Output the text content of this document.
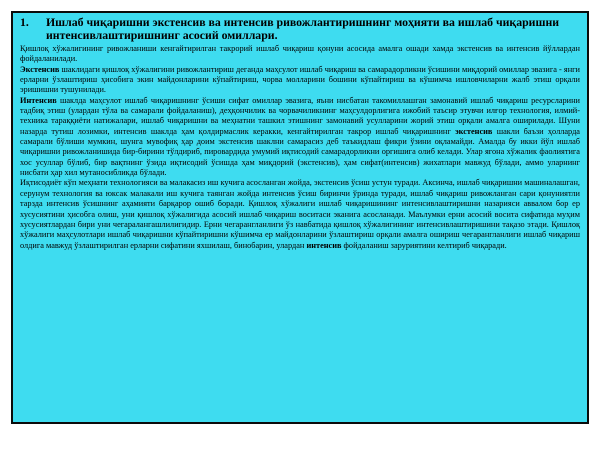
1.	Ишлаб чиқаришни экстенсив ва интенсив ривожлантиришнинг моҳияти ва ишлаб чиқаришни интенсивлаштиришнинг асосий омиллари.

Қишлоқ хўжалигининг ривожланиши кенгайтирилган такрорий ишлаб чиқариш қонуни асосида амалга ошади хамда экстенсив ва интенсив йўллардан фойдаланилади.

Экстенсив шаклидаги қишлоқ хўжалигини ривожлантириш деганда маҳсулот ишлаб чиқариш ва самарадорликни ўсишини миқдорий омиллар эвазига - янги ерларни ўзлаштириш ҳисобига экин майдонларини кўпайтириш, чорва молларини бошини кўпайтириш ва кўшимча ишловчиларни жалб этиш орқали эришишни тушунилади.

Интенсив шаклда маҳсулот ишлаб чиқаришнинг ўсиши сифат омиллар эвазига, яъни нисбатан такомиллашган замонавий ишлаб чиқариш ресурсларини тадбиқ этиш (улардан тўла ва самарали фойдаланиш), деҳқончилик ва чорвачиликнинг маҳсулдорлигига ижобий таъсир этувчи илғор технология, илмий-техника тараққиёти натижалари, ишлаб чиқаришни ва меҳнатни ташкил этишнинг замонавий усулларини жорий этиш орқали амалга оширилади. Шуни назарда тутиш лозимки, интенсив шаклда ҳам қолдирмаслик керакки, кенгайтирилган такрор ишлаб чиқаришнинг экстенсив шакли баъзи ҳолларда самарали бўлиши мумкин, шунга мувофиқ ҳар доим экстенсив шаклни самарасиз деб таъкидлаш фикри ўзини оқламайди. Амалда бу икки йўл ишлаб чиқаришни ривожланишида бир-бирини тўлдириб, пировардида умумий иқтисодий самарадорликни оргишига олиб келади. Улар ягона хўжалик фаолиятига хос усуллар бўлиб, бир вақтнинг ўзида иқтисодий ўсишда ҳам миқдорий (экстенсив), ҳам сифат(интенсив) жихатлари мавжуд бўлади, аммо уларнинг нисбати ҳар хил мутаносибликда бўлади.

Иқтисодиёт кўп меҳнати технологияси ва малакасиз иш кучига асосланган жойда, экстенсив ўсиш устун туради. Аксинча, ишлаб чиқаришни машиналашган, серунум технология ва юксак малакали иш кучига таянган жойда интенсив ўсиш биринчи ўринда туради, ишлаб чиқариш ривожланган сари қонуниятли тарзда интенсив ўсишнинг аҳамияти барқарор ошиб боради. Қишлоқ хўжалиги ишлаб чиқаришининг интенсивлаштиришни назарияси аввалом бор ер хусусиятини ҳисобга олиш, уни қишлоқ хўжалигида асосий ишлаб чиқариш воситаси эканига асосланади. Маълумки ерни асосий восита сифатида муҳим хусусиятлардан бири уни чегаралангашлилигидир. Ерни чегарангланлиги ўз навбатида қишлоқ хўжалигининг интенсивлаштиришини тақазо этади. Қишлоқ хўжалиги маҳсулотлари ишлаб чиқаришни кўпайтиришни кўшимча ер майдонларини ўзлаштириш орқали амалга ошириш чегарангланлиги ишлаб чиқариш олдига мавжуд ўзлаштирилган ерларни сифатини яхшилаш, бинобарин, улардан интенсив фойдаланиш заруриятини келтириб чиқаради.
